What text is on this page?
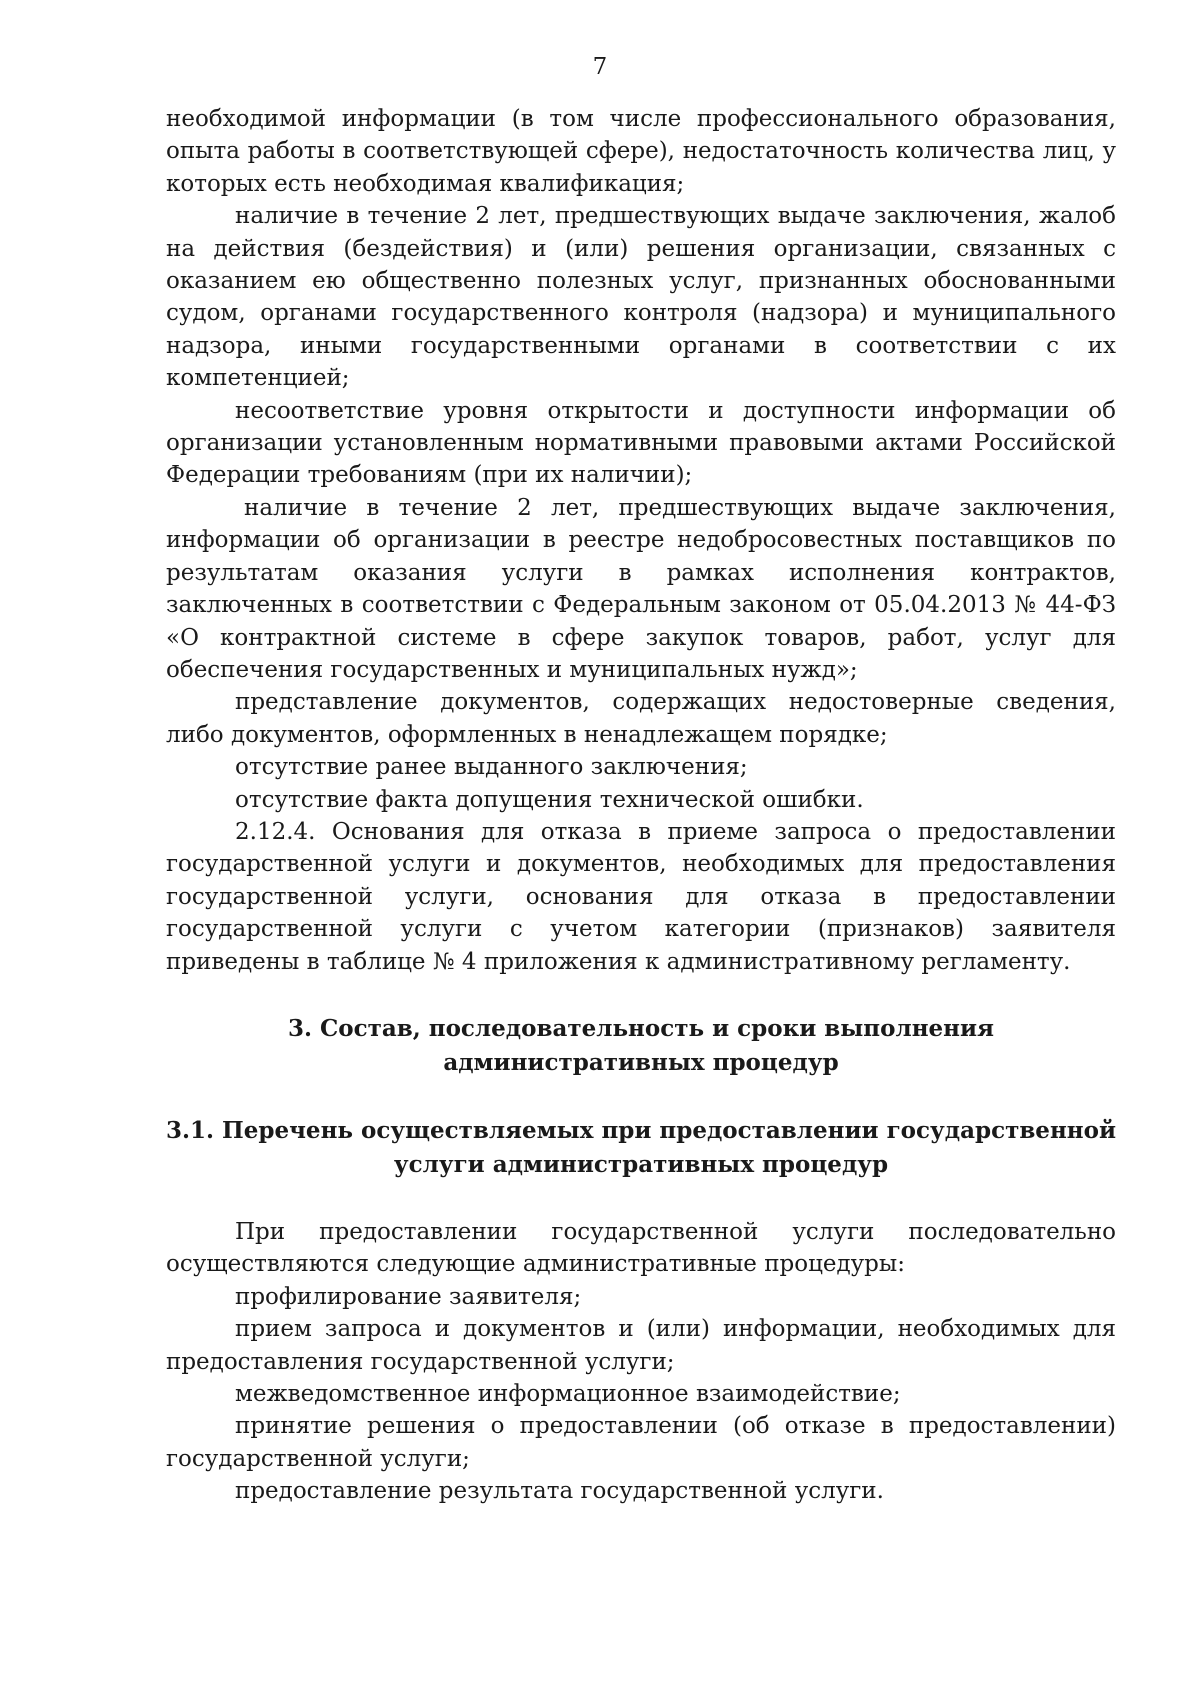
7

необходимой информации (в том числе профессионального образования, опыта работы в соответствующей сфере), недостаточность количества лиц, у которых есть необходимая квалификация;

наличие в течение 2 лет, предшествующих выдаче заключения, жалоб на действия (бездействия) и (или) решения организации, связанных с оказанием ею общественно полезных услуг, признанных обоснованными судом, органами государственного контроля (надзора) и муниципального надзора, иными государственными органами в соответствии с их компетенцией;

несоответствие уровня открытости и доступности информации об организации установленным нормативными правовыми актами Российской Федерации требованиям (при их наличии);

наличие в течение 2 лет, предшествующих выдаче заключения, информации об организации в реестре недобросовестных поставщиков по результатам оказания услуги в рамках исполнения контрактов, заключенных в соответствии с Федеральным законом от 05.04.2013 № 44-ФЗ «О контрактной системе в сфере закупок товаров, работ, услуг для обеспечения государственных и муниципальных нужд»;

представление документов, содержащих недостоверные сведения, либо документов, оформленных в ненадлежащем порядке;

отсутствие ранее выданного заключения;

отсутствие факта допущения технической ошибки.

2.12.4. Основания для отказа в приеме запроса о предоставлении государственной услуги и документов, необходимых для предоставления государственной услуги, основания для отказа в предоставлении государственной услуги с учетом категории (признаков) заявителя приведены в таблице № 4 приложения к административному регламенту.

3. Состав, последовательность и сроки выполнения административных процедур
3.1. Перечень осуществляемых при предоставлении государственной услуги административных процедур

При предоставлении государственной услуги последовательно осуществляются следующие административные процедуры:

профилирование заявителя;

прием запроса и документов и (или) информации, необходимых для предоставления государственной услуги;

межведомственное информационное взаимодействие;

принятие решения о предоставлении (об отказе в предоставлении) государственной услуги;

предоставление результата государственной услуги.
